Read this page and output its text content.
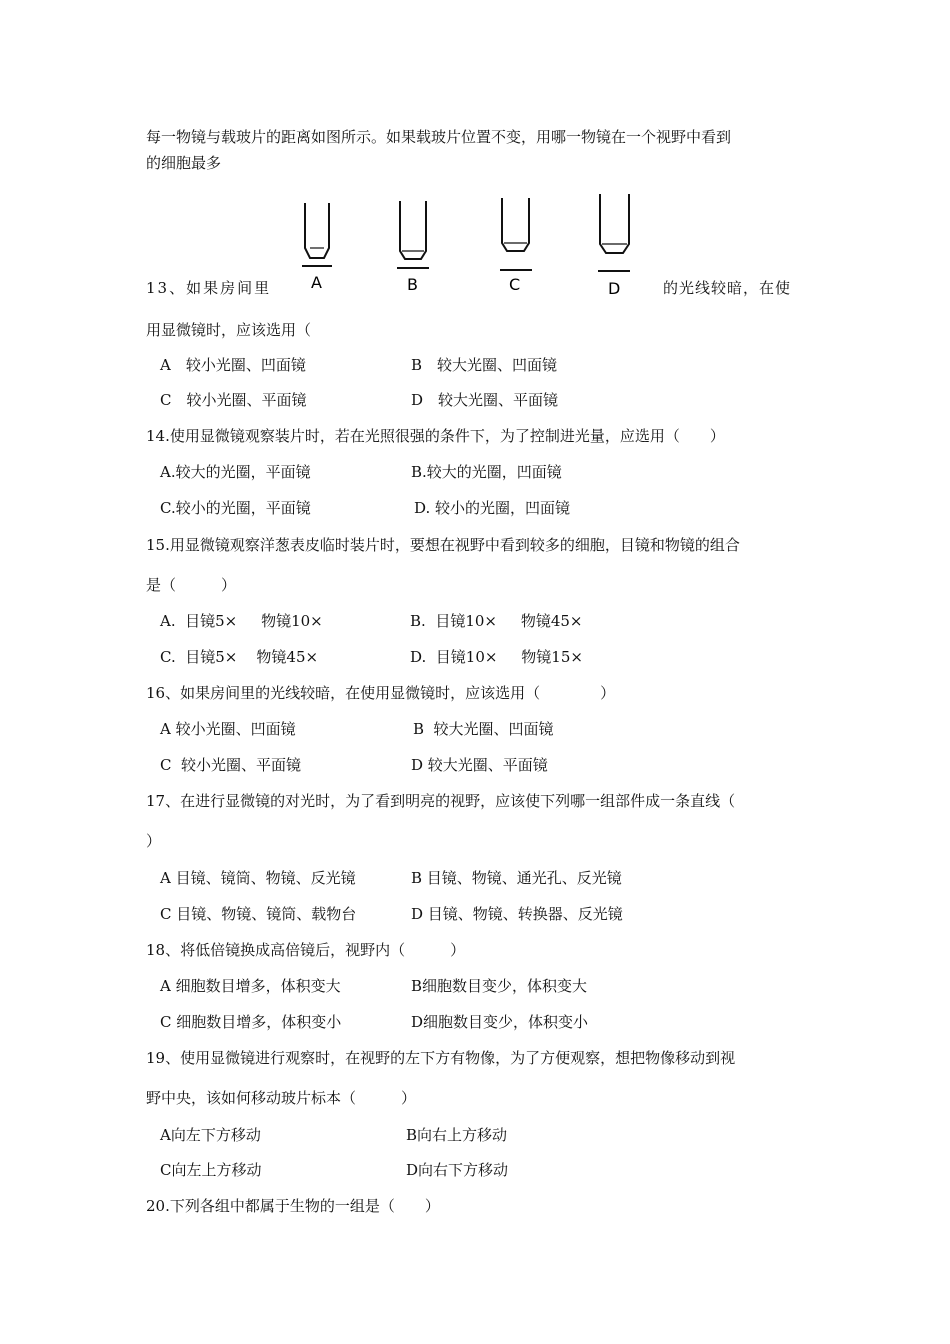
每一物镜与载玻片的距离如图所示。如果载玻片位置不变，用哪一物镜在一个视野中看到
的细胞最多
A	B	C	D
13、如果房间里	的光线较暗，在使
用显微镜时，应该选用（
A　较小光圈、凹面镜	B　较大光圈、凹面镜
C　较小光圈、平面镜	D　较大光圈、平面镜
14.使用显微镜观察装片时，若在光照很强的条件下，为了控制进光量，应选用（　　）
A.较大的光圈，平面镜	B.较大的光圈，凹面镜
C.较小的光圈，平面镜	D. 较小的光圈，凹面镜
15.用显微镜观察洋葱表皮临时装片时，要想在视野中看到较多的细胞，目镜和物镜的组合
是（　　　）
A.  目镜5×     物镜10×	B.  目镜10×     物镜45×
C.  目镜5×    物镜45×	D.  目镜10×     物镜15×
16、如果房间里的光线较暗，在使用显微镜时，应该选用（　　　　）
A 较小光圈、凹面镜	B  较大光圈、凹面镜
C  较小光圈、平面镜	D 较大光圈、平面镜
17、在进行显微镜的对光时，为了看到明亮的视野，应该使下列哪一组部件成一条直线（
）
A 目镜、镜筒、物镜、反光镜	B 目镜、物镜、通光孔、反光镜
C 目镜、物镜、镜筒、载物台	D 目镜、物镜、转换器、反光镜
18、将低倍镜换成高倍镜后，视野内（　　　）
A 细胞数目增多，体积变大	B细胞数目变少，体积变大
C 细胞数目增多，体积变小	D细胞数目变少，体积变小
19、使用显微镜进行观察时，在视野的左下方有物像，为了方便观察，想把物像移动到视
野中央，该如何移动玻片标本（　　　）
A向左下方移动	B向右上方移动
C向左上方移动	D向右下方移动
20.下列各组中都属于生物的一组是（　　）
